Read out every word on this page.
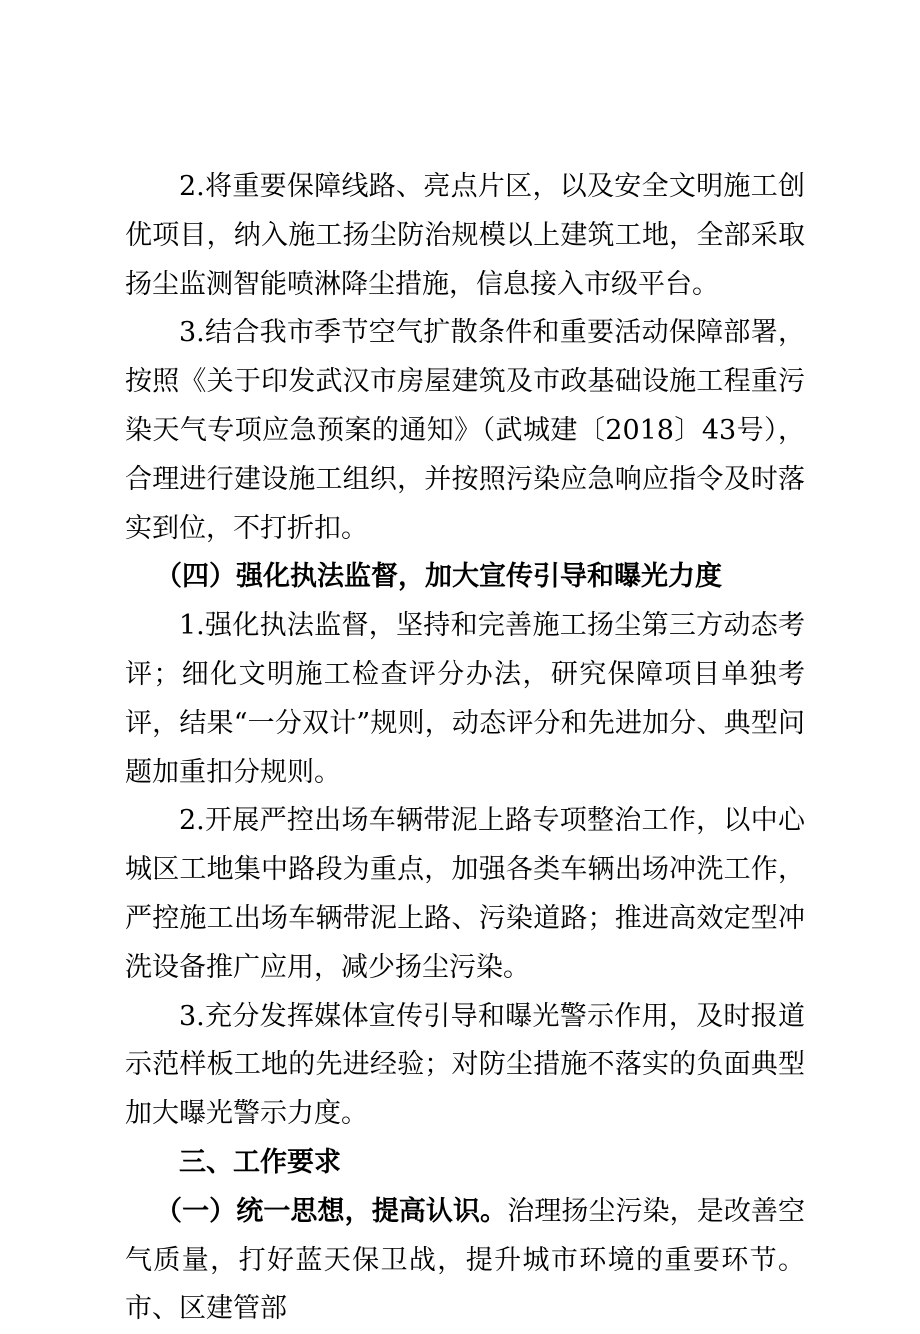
2.将重要保障线路、亮点片区，以及安全文明施工创优项目，纳入施工扬尘防治规模以上建筑工地，全部采取扬尘监测智能喷淋降尘措施，信息接入市级平台。

3.结合我市季节空气扩散条件和重要活动保障部署，按照《关于印发武汉市房屋建筑及市政基础设施工程重污染天气专项应急预案的通知》（武城建〔2018〕43号），合理进行建设施工组织，并按照污染应急响应指令及时落实到位，不打折扣。

（四）强化执法监督，加大宣传引导和曝光力度

1.强化执法监督，坚持和完善施工扬尘第三方动态考评；细化文明施工检查评分办法，研究保障项目单独考评，结果“一分双计”规则，动态评分和先进加分、典型问题加重扣分规则。

2.开展严控出场车辆带泥上路专项整治工作，以中心城区工地集中路段为重点，加强各类车辆出场冲洗工作，严控施工出场车辆带泥上路、污染道路；推进高效定型冲洗设备推广应用，减少扬尘污染。

3.充分发挥媒体宣传引导和曝光警示作用，及时报道示范样板工地的先进经验；对防尘措施不落实的负面典型加大曝光警示力度。

三、工作要求

（一）统一思想，提高认识。治理扬尘污染，是改善空气质量，打好蓝天保卫战，提升城市环境的重要环节。市、区建管部
